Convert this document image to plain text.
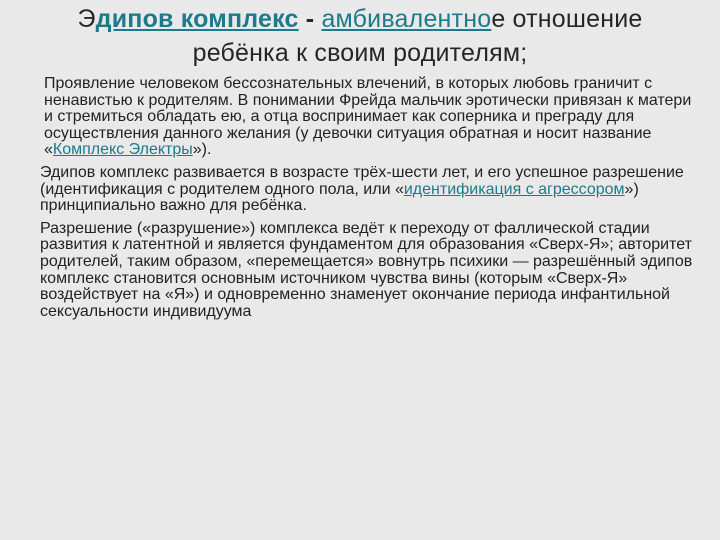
Эдипов комплекс - амбивалентное отношение
ребёнка к своим родителям;

Проявление человеком бессознательных влечений, в которых любовь граничит с ненавистью к родителям. В понимании Фрейда мальчик эротически привязан к матери и стремиться обладать ею, а отца воспринимает как соперника и преграду для осуществления данного желания (у девочки ситуация обратная и носит название «Комплекс Электры»).

Эдипов комплекс развивается в возрасте трёх-шести лет, и его успешное разрешение (идентификация с родителем одного пола, или «идентификация с агрессором») принципиально важно для ребёнка.

Разрешение («разрушение») комплекса ведёт к переходу от фаллической стадии развития к латентной и является фундаментом для образования «Сверх-Я»; авторитет родителей, таким образом, «перемещается» вовнутрь психики — разрешённый эдипов комплекс становится основным источником чувства вины (которым «Сверх-Я» воздействует на «Я») и одновременно знаменует окончание периода инфантильной сексуальности индивидуума
